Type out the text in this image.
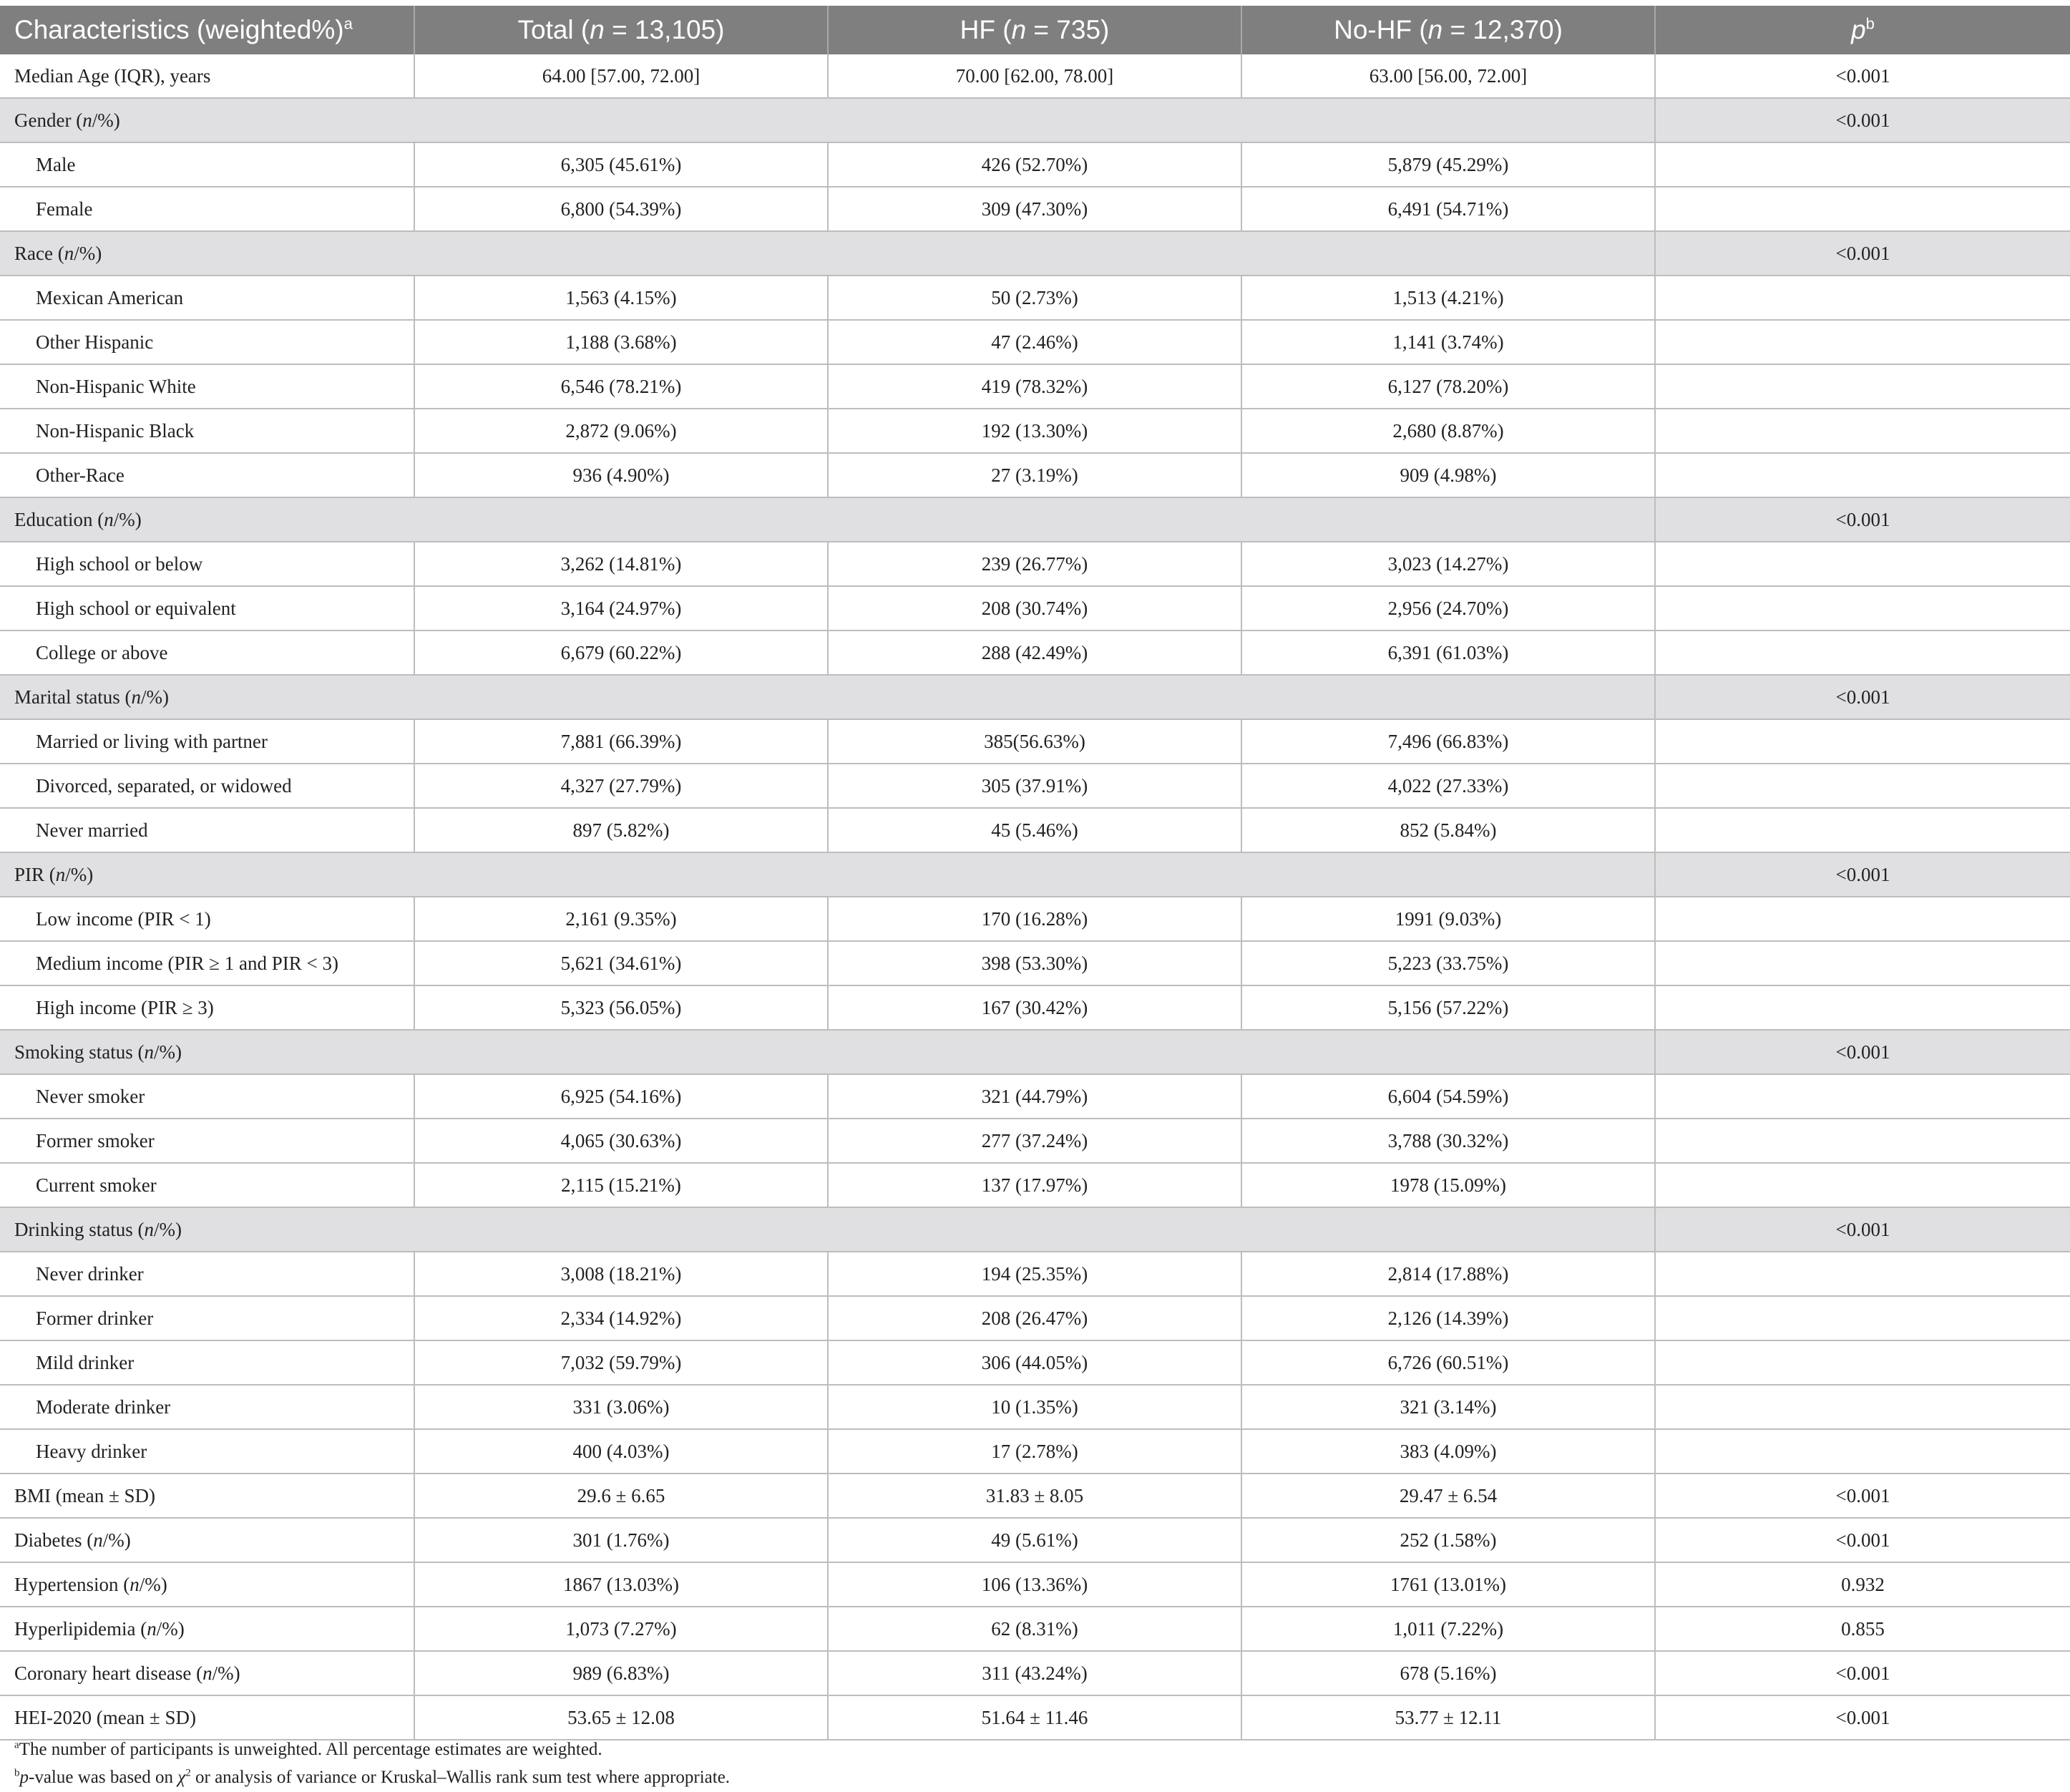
Characteristics (weighted%)$^a$	Total (n = 13,105)	HF (n = 735)	No-HF (n = 12,370)	$p^b$
Median Age (IQR), years	64.00 [57.00, 72.00]	70.00 [62.00, 78.00]	63.00 [56.00, 72.00]	<0.001
Gender (n/%)				<0.001
Male	6,305 (45.61%)	426 (52.70%)	5,879 (45.29%)	
Female	6,800 (54.39%)	309 (47.30%)	6,491 (54.71%)	
Race (n/%)				<0.001
Mexican American	1,563 (4.15%)	50 (2.73%)	1,513 (4.21%)	
Other Hispanic	1,188 (3.68%)	47 (2.46%)	1,141 (3.74%)	
Non-Hispanic White	6,546 (78.21%)	419 (78.32%)	6,127 (78.20%)	
Non-Hispanic Black	2,872 (9.06%)	192 (13.30%)	2,680 (8.87%)	
Other-Race	936 (4.90%)	27 (3.19%)	909 (4.98%)	
Education (n/%)				<0.001
High school or below	3,262 (14.81%)	239 (26.77%)	3,023 (14.27%)	
High school or equivalent	3,164 (24.97%)	208 (30.74%)	2,956 (24.70%)	
College or above	6,679 (60.22%)	288 (42.49%)	6,391 (61.03%)	
Marital status (n/%)				<0.001
Married or living with partner	7,881 (66.39%)	385(56.63%)	7,496 (66.83%)	
Divorced, separated, or widowed	4,327 (27.79%)	305 (37.91%)	4,022 (27.33%)	
Never married	897 (5.82%)	45 (5.46%)	852 (5.84%)	
PIR (n/%)				<0.001
Low income (PIR < 1)	2,161 (9.35%)	170 (16.28%)	1991 (9.03%)	
Medium income (PIR ≥ 1 and PIR < 3)	5,621 (34.61%)	398 (53.30%)	5,223 (33.75%)	
High income (PIR ≥ 3)	5,323 (56.05%)	167 (30.42%)	5,156 (57.22%)	
Smoking status (n/%)				<0.001
Never smoker	6,925 (54.16%)	321 (44.79%)	6,604 (54.59%)	
Former smoker	4,065 (30.63%)	277 (37.24%)	3,788 (30.32%)	
Current smoker	2,115 (15.21%)	137 (17.97%)	1978 (15.09%)	
Drinking status (n/%)				<0.001
Never drinker	3,008 (18.21%)	194 (25.35%)	2,814 (17.88%)	
Former drinker	2,334 (14.92%)	208 (26.47%)	2,126 (14.39%)	
Mild drinker	7,032 (59.79%)	306 (44.05%)	6,726 (60.51%)	
Moderate drinker	331 (3.06%)	10 (1.35%)	321 (3.14%)	
Heavy drinker	400 (4.03%)	17 (2.78%)	383 (4.09%)	
BMI (mean ± SD)	29.6 ± 6.65	31.83 ± 8.05	29.47 ± 6.54	<0.001
Diabetes (n/%)	301 (1.76%)	49 (5.61%)	252 (1.58%)	<0.001
Hypertension (n/%)	1867 (13.03%)	106 (13.36%)	1761 (13.01%)	0.932
Hyperlipidemia (n/%)	1,073 (7.27%)	62 (8.31%)	1,011 (7.22%)	0.855
Coronary heart disease (n/%)	989 (6.83%)	311 (43.24%)	678 (5.16%)	<0.001
HEI-2020 (mean ± SD)	53.65 ± 12.08	51.64 ± 11.46	53.77 ± 12.11	<0.001
$^a$The number of participants is unweighted. All percentage estimates are weighted.
$^b$p-value was based on $\chi^2$ or analysis of variance or Kruskal–Wallis rank sum test where appropriate.
